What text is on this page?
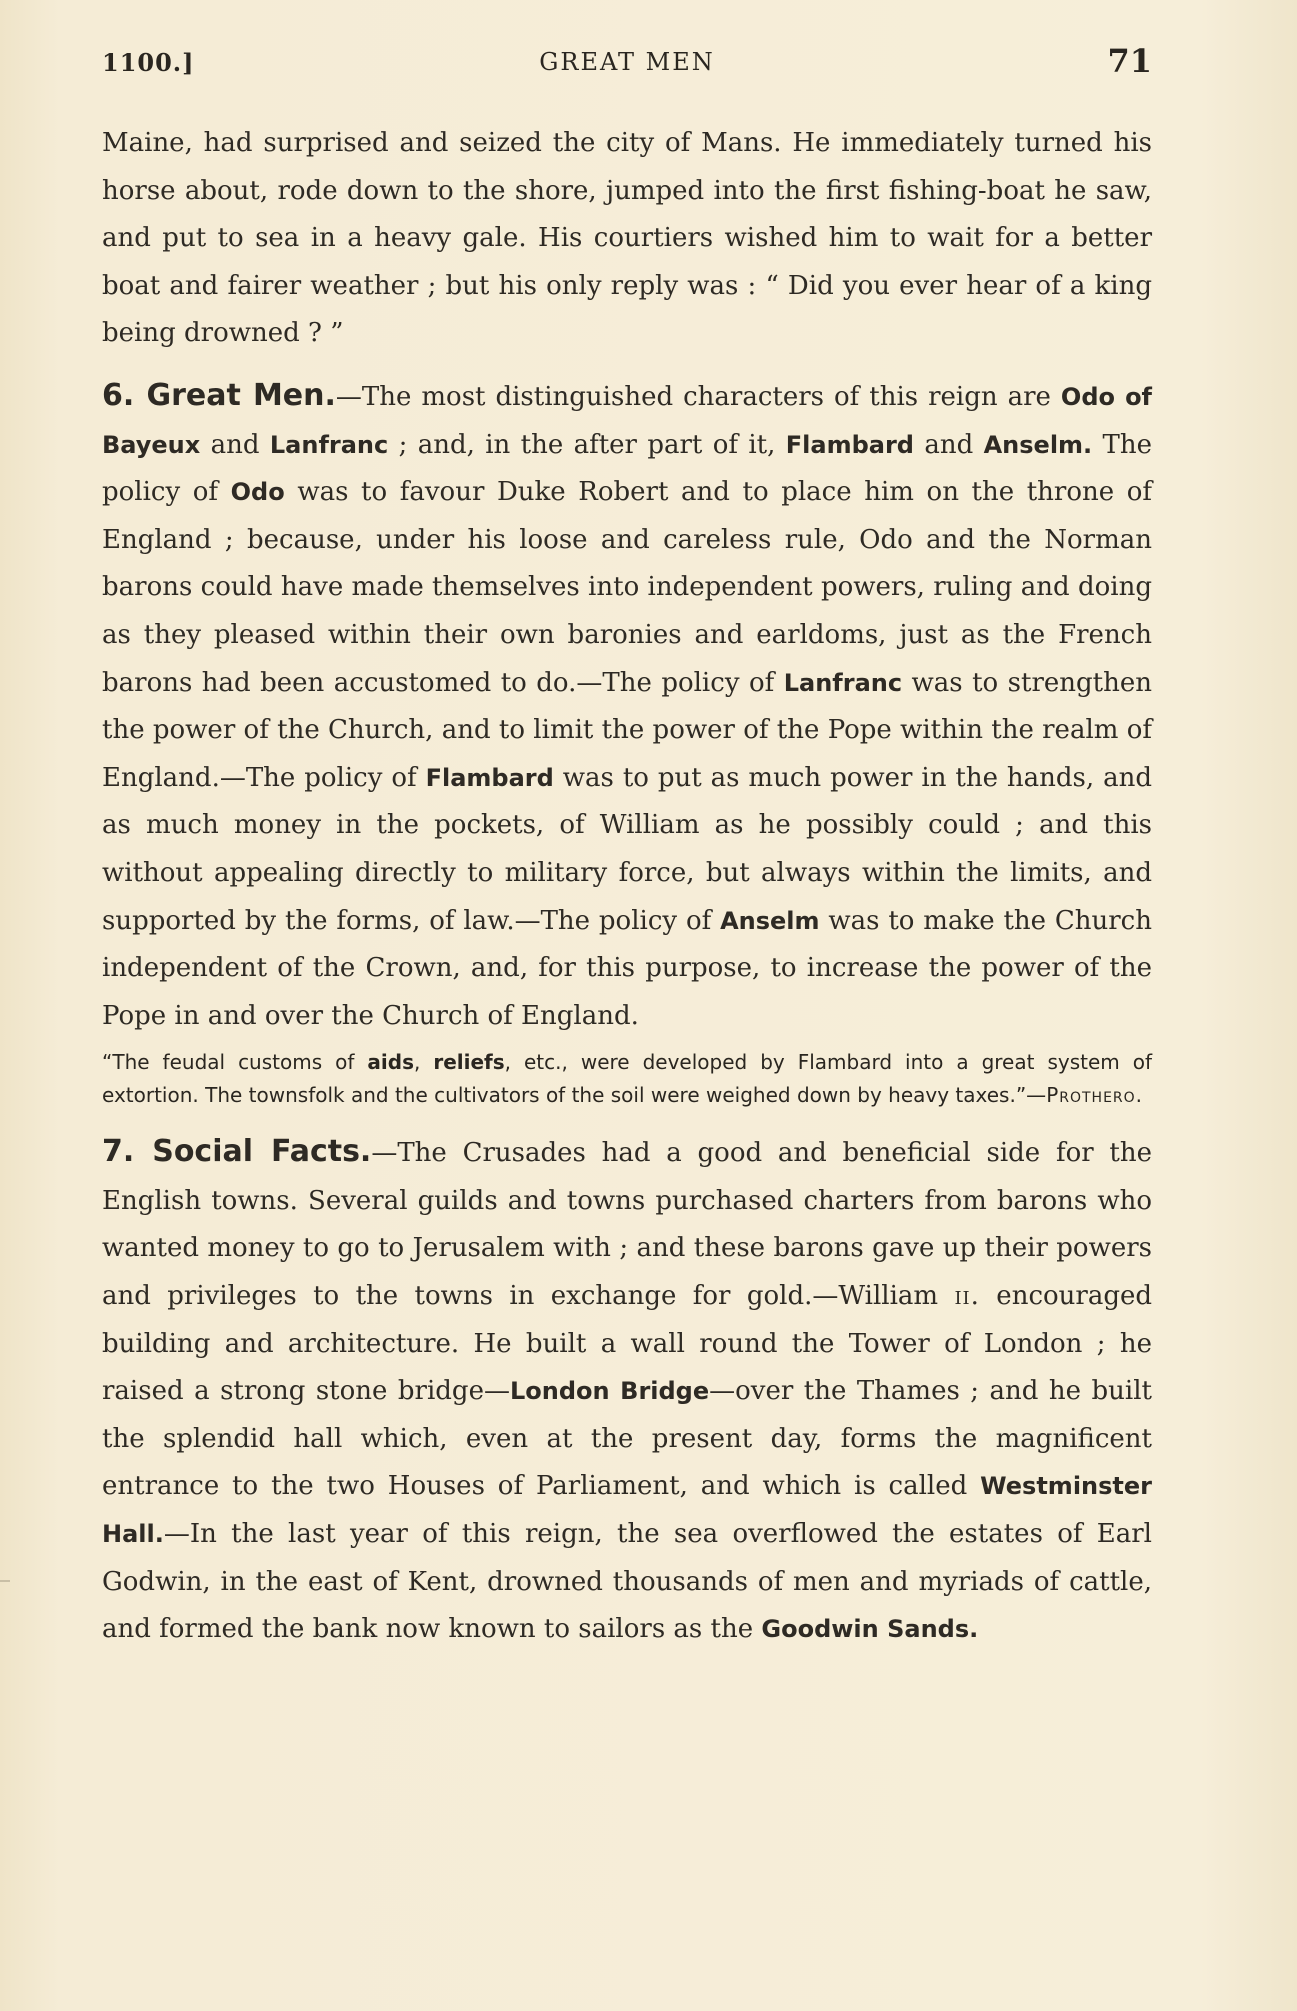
1100.]	GREAT MEN	71

Maine, had surprised and seized the city of Mans. He immediately turned his horse about, rode down to the shore, jumped into the first fishing-boat he saw, and put to sea in a heavy gale. His courtiers wished him to wait for a better boat and fairer weather ; but his only reply was : “ Did you ever hear of a king being drowned ? ”

6. Great Men.—The most distinguished characters of this reign are Odo of Bayeux and Lanfranc ; and, in the after part of it, Flambard and Anselm. The policy of Odo was to favour Duke Robert and to place him on the throne of England ; because, under his loose and careless rule, Odo and the Norman barons could have made themselves into independent powers, ruling and doing as they pleased within their own baronies and earldoms, just as the French barons had been accustomed to do.—The policy of Lanfranc was to strengthen the power of the Church, and to limit the power of the Pope within the realm of England.—The policy of Flambard was to put as much power in the hands, and as much money in the pockets, of William as he possibly could ; and this without appealing directly to military force, but always within the limits, and supported by the forms, of law.—The policy of Anselm was to make the Church independent of the Crown, and, for this purpose, to increase the power of the Pope in and over the Church of England.

“The feudal customs of aids, reliefs, etc., were developed by Flambard into a great system of extortion. The townsfolk and the cultivators of the soil were weighed down by heavy taxes.”—Prothero.

7. Social Facts.—The Crusades had a good and beneficial side for the English towns. Several guilds and towns purchased charters from barons who wanted money to go to Jerusalem with ; and these barons gave up their powers and privileges to the towns in exchange for gold.—William ii. encouraged building and architecture. He built a wall round the Tower of London ; he raised a strong stone bridge—London Bridge—over the Thames ; and he built the splendid hall which, even at the present day, forms the magnificent entrance to the two Houses of Parliament, and which is called Westminster Hall.—In the last year of this reign, the sea overflowed the estates of Earl Godwin, in the east of Kent, drowned thousands of men and myriads of cattle, and formed the bank now known to sailors as the Goodwin Sands.
